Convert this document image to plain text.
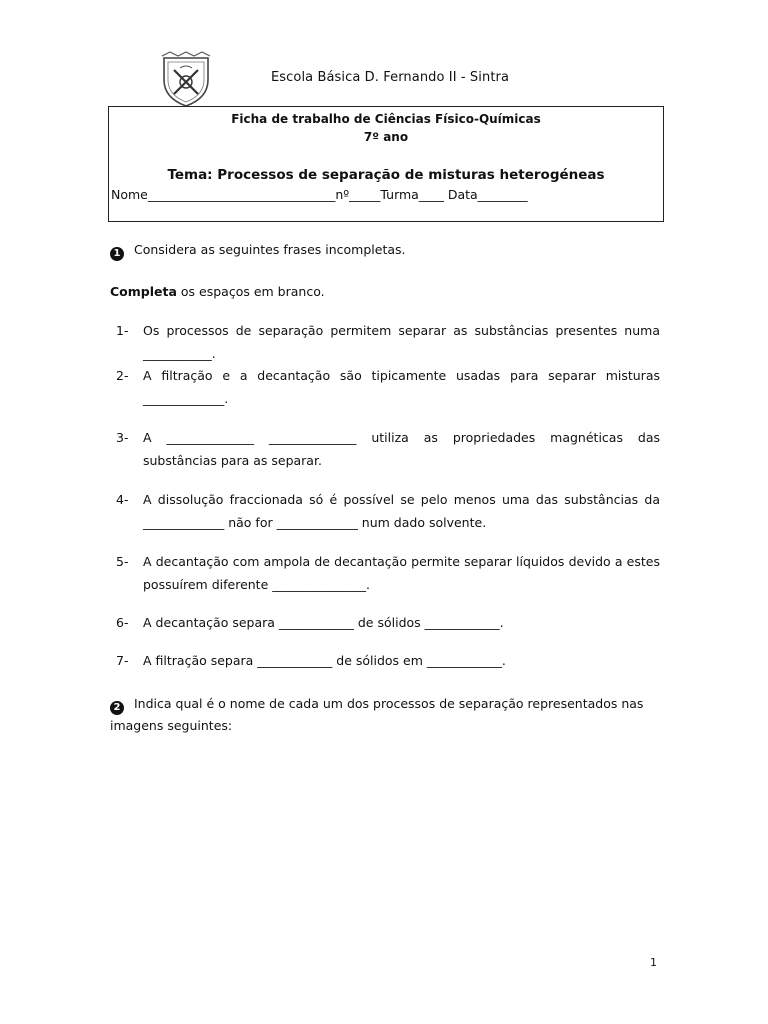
Escola Básica D. Fernando II - Sintra
Ficha de trabalho de Ciências Físico-Químicas
7º ano
Tema: Processos de separação de misturas heterogéneas
Nome______________________________nº_____Turma____ Data________
1 Considera as seguintes frases incompletas.
Completa os espaços em branco.
1-	Os processos de separação permitem separar as substâncias presentes numa ___________.
2-	A filtração e a decantação são tipicamente usadas para separar misturas _____________.
3-	A ______________ ______________ utiliza as propriedades magnéticas das substâncias para as separar.
4-	A dissolução fraccionada só é possível se pelo menos uma das substâncias da _____________ não for _____________ num dado solvente.
5-	A decantação com ampola de decantação permite separar líquidos devido a estes possuírem diferente _______________.
6-	A decantação separa ____________ de sólidos ____________.
7-	A filtração separa ____________ de sólidos em ____________.
2 Indica qual é o nome de cada um dos processos de separação representados nas imagens seguintes:
1
